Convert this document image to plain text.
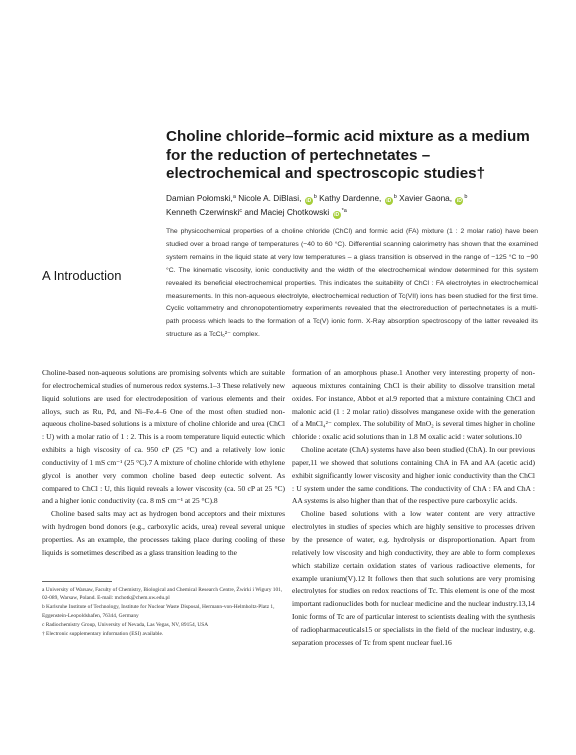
Choline chloride–formic acid mixture as a medium for the reduction of pertechnetates – electrochemical and spectroscopic studies†
Damian Połomski,$^a$ Nicole A. DiBlasi, $iD^b$ Kathy Dardenne, $iD^b$ Xavier Gaona, $iD^b$
Kenneth Czerwinski$^c$ and Maciej Chotkowski $iD^{*a}$
The physicochemical properties of a choline chloride (ChCl) and formic acid (FA) mixture (1 : 2 molar ratio) have been studied over a broad range of temperatures (−40 to 60 °C). Differential scanning calorimetry has shown that the examined system remains in the liquid state at very low temperatures – a glass transition is observed in the range of −125 °C to −90 °C. The kinematic viscosity, ionic conductivity and the width of the electrochemical window determined for this system revealed its beneficial electrochemical properties. This indicates the suitability of ChCl : FA electrolytes in electrochemical measurements. In this non-aqueous electrolyte, electrochemical reduction of Tc(VII) ions has been studied for the first time. Cyclic voltammetry and chronopotentiometry experiments revealed that the electroreduction of pertechnetates is a multi-path process which leads to the formation of a Tc(V) ionic form. X-Ray absorption spectroscopy of the latter revealed its structure as a TcCl₆²⁻ complex.
A Introduction

Choline-based non-aqueous solutions are promising solvents which are suitable for electrochemical studies of numerous redox systems.1–3 These relatively new liquid solutions are used for electrodeposition of various elements and their alloys, such as Ru, Pd, and Ni–Fe.4–6 One of the most often studied non-aqueous choline-based solutions is a mixture of choline chloride and urea (ChCl : U) with a molar ratio of 1 : 2. This is a room temperature liquid eutectic which exhibits a high viscosity of ca. 950 cP (25 °C) and a relatively low ionic conductivity of 1 mS cm⁻¹ (25 °C).7 A mixture of choline chloride with ethylene glycol is another very common choline based deep eutectic solvent. As compared to ChCl : U, this liquid reveals a lower viscosity (ca. 50 cP at 25 °C) and a higher ionic conductivity (ca. 8 mS cm⁻¹ at 25 °C).8

Choline based salts may act as hydrogen bond acceptors and their mixtures with hydrogen bond donors (e.g., carboxylic acids, urea) reveal several unique properties. As an example, the processes taking place during cooling of these liquids is sometimes described as a glass transition leading to the

formation of an amorphous phase.1 Another very interesting property of non-aqueous mixtures containing ChCl is their ability to dissolve transition metal oxides. For instance, Abbot et al.9 reported that a mixture containing ChCl and malonic acid (1 : 2 molar ratio) dissolves manganese oxide with the generation of a MnCl₄²⁻ complex. The solubility of MnO₂ is several times higher in choline chloride : oxalic acid solutions than in 1.8 M oxalic acid : water solutions.10

Choline acetate (ChA) systems have also been studied (ChA). In our previous paper,11 we showed that solutions containing ChA in FA and AA (acetic acid) exhibit significantly lower viscosity and higher ionic conductivity than the ChCl : U system under the same conditions. The conductivity of ChA : FA and ChA : AA systems is also higher than that of the respective pure carboxylic acids.

Choline based solutions with a low water content are very attractive electrolytes in studies of species which are highly sensitive to processes driven by the presence of water, e.g. hydrolysis or disproportionation. Apart from relatively low viscosity and high conductivity, they are able to form complexes which stabilize certain oxidation states of various radioactive elements, for example uranium(V).12 It follows then that such solutions are very promising electrolytes for studies on redox reactions of Tc. This element is one of the most important radionuclides both for nuclear medicine and the nuclear industry.13,14 Ionic forms of Tc are of particular interest to scientists dealing with the synthesis of radiopharmaceuticals15 or specialists in the field of the nuclear industry, e.g. separation processes of Tc from spent nuclear fuel.16

a University of Warsaw, Faculty of Chemistry, Biological and Chemical Research Centre, Żwirki i Wigury 101, 02-089, Warsaw, Poland. E-mail: mchotk@chem.uw.edu.pl
b Karlsruhe Institute of Technology, Institute for Nuclear Waste Disposal, Hermann-von-Helmholtz-Platz 1, Eggenstein-Leopoldshafen, 76344, Germany
c Radiochemistry Group, University of Nevada, Las Vegas, NV, 89154, USA
† Electronic supplementary information (ESI) available.
